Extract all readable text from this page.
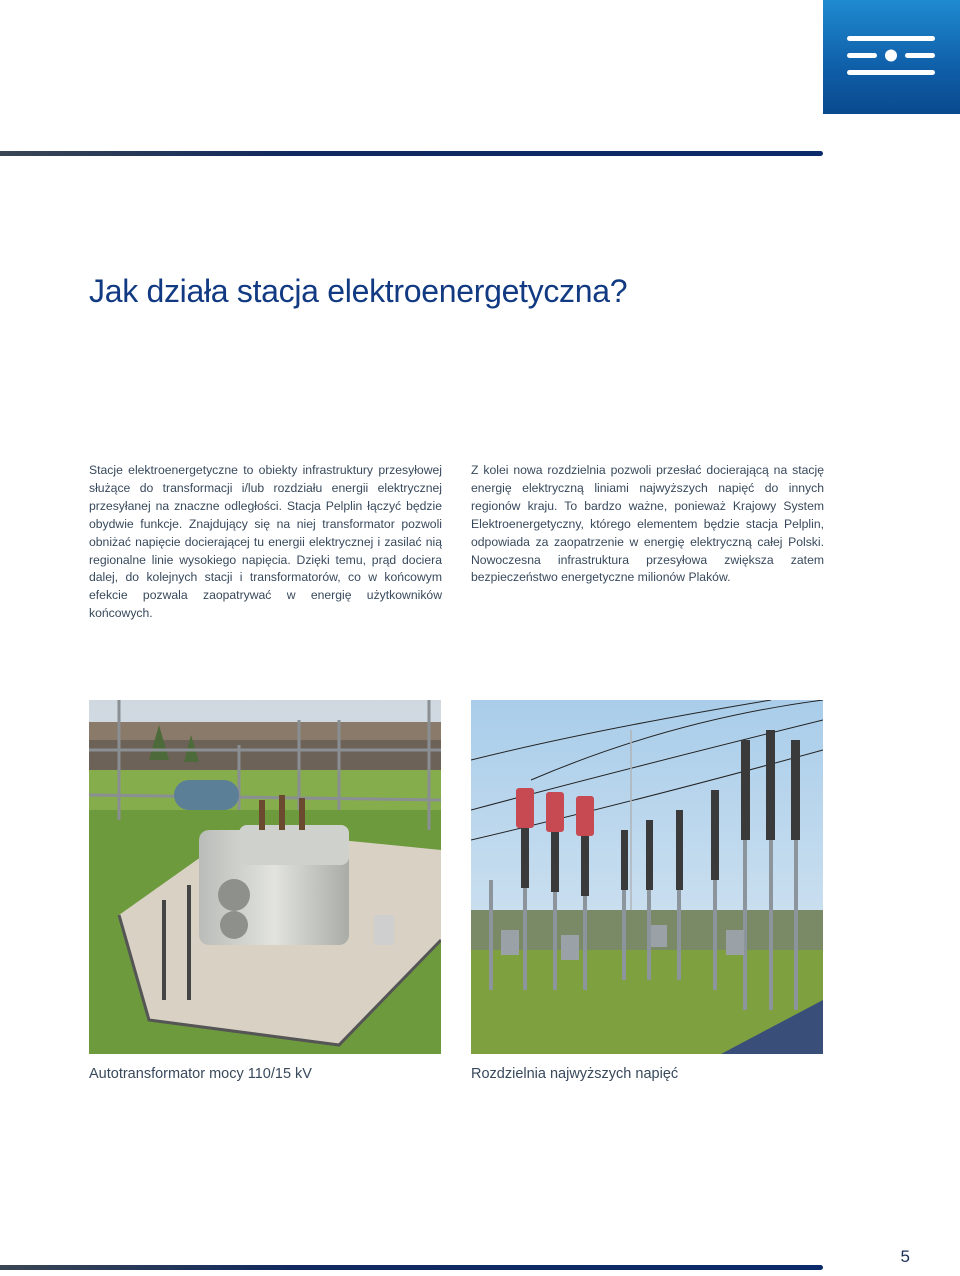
Jak działa stacja elektroenergetyczna?

Stacje elektroenergetyczne to obiekty infrastruktury przesyłowej służące do transformacji i/lub rozdziału energii elektrycznej przesyłanej na znaczne odległości. Stacja Pelplin łączyć będzie obydwie funkcje. Znajdujący się na niej transformator pozwoli obniżać napięcie docierającej tu energii elektrycznej i zasilać nią regionalne linie wysokiego napięcia. Dzięki temu, prąd dociera dalej, do kolejnych stacji i transformatorów, co w końcowym efekcie pozwala zaopatrywać w energię użytkowników końcowych.

Z kolei nowa rozdzielnia pozwoli przesłać docierającą na stację energię elektryczną liniami najwyższych napięć do innych regionów kraju. To bardzo ważne, ponieważ Krajowy System Elektroenergetyczny, którego elementem będzie stacja Pelplin, odpowiada za zaopatrzenie w energię elektryczną całej Polski. Nowoczesna infrastruktura przesyłowa zwiększa zatem bezpieczeństwo energetyczne milionów Plaków.

Autotransformator mocy 110/15 kV	Rozdzielnia najwyższych napięć
5
